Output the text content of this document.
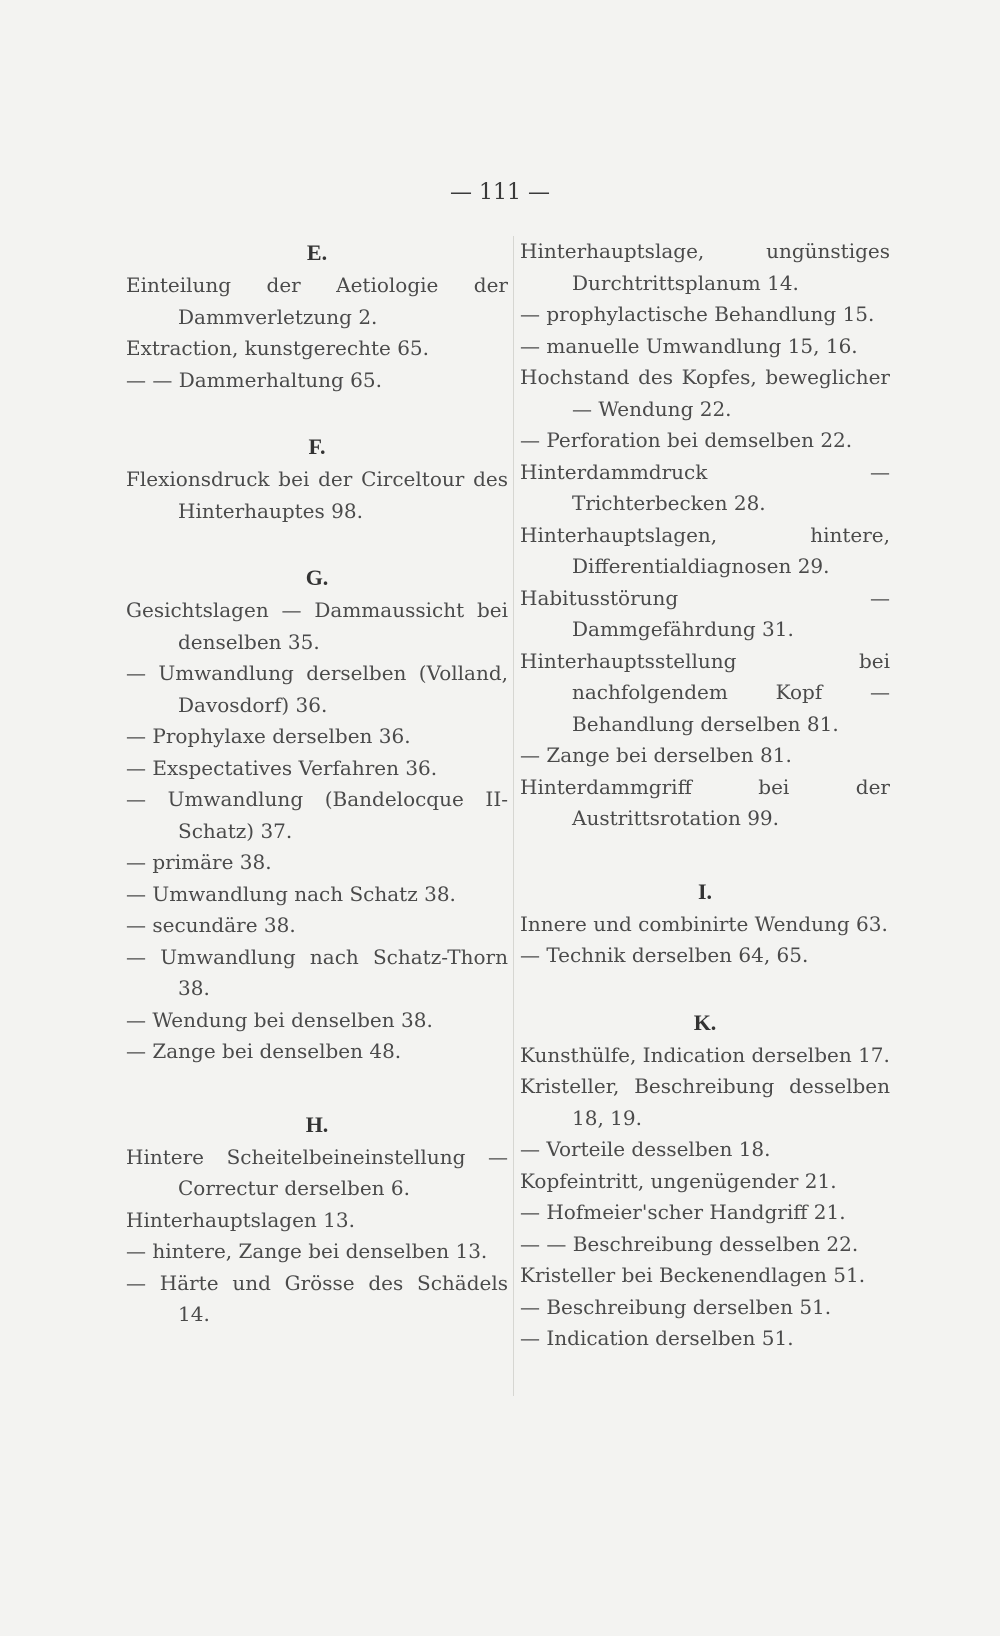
— 111 —
E.
Einteilung der Aetiologie der Dammverletzung 2.
Extraction, kunstgerechte 65.
— — Dammerhaltung 65.
F.
Flexionsdruck bei der Circeltour des Hinterhauptes 98.
G.
Gesichtslagen — Dammaussicht bei denselben 35.
— Umwandlung derselben (Volland, Davosdorf) 36.
— Prophylaxe derselben 36.
— Exspectatives Verfahren 36.
— Umwandlung (Bandelocque II-Schatz) 37.
— primäre 38.
— Umwandlung nach Schatz 38.
— secundäre 38.
— Umwandlung nach Schatz-Thorn 38.
— Wendung bei denselben 38.
— Zange bei denselben 48.
H.
Hintere Scheitelbeineinstellung — Correctur derselben 6.
Hinterhauptslagen 13.
— hintere, Zange bei denselben 13.
— Härte und Grösse des Schädels 14.
Hinterhauptslage, ungünstiges Durchtrittsplanum 14.
— prophylactische Behandlung 15.
— manuelle Umwandlung 15, 16.
Hochstand des Kopfes, beweglicher — Wendung 22.
— Perforation bei demselben 22.
Hinterdammdruck — Trichterbecken 28.
Hinterhauptslagen, hintere, Differentialdiagnosen 29.
Habitusstörung — Dammgefährdung 31.
Hinterhauptsstellung bei nachfolgendem Kopf — Behandlung derselben 81.
— Zange bei derselben 81.
Hinterdammgriff bei der Austrittsrotation 99.
I.
Innere und combinirte Wendung 63.
— Technik derselben 64, 65.
K.
Kunsthülfe, Indication derselben 17.
Kristeller, Beschreibung desselben 18, 19.
— Vorteile desselben 18.
Kopfeintritt, ungenügender 21.
— Hofmeier'scher Handgriff 21.
— — Beschreibung desselben 22.
Kristeller bei Beckenendlagen 51.
— Beschreibung derselben 51.
— Indication derselben 51.
